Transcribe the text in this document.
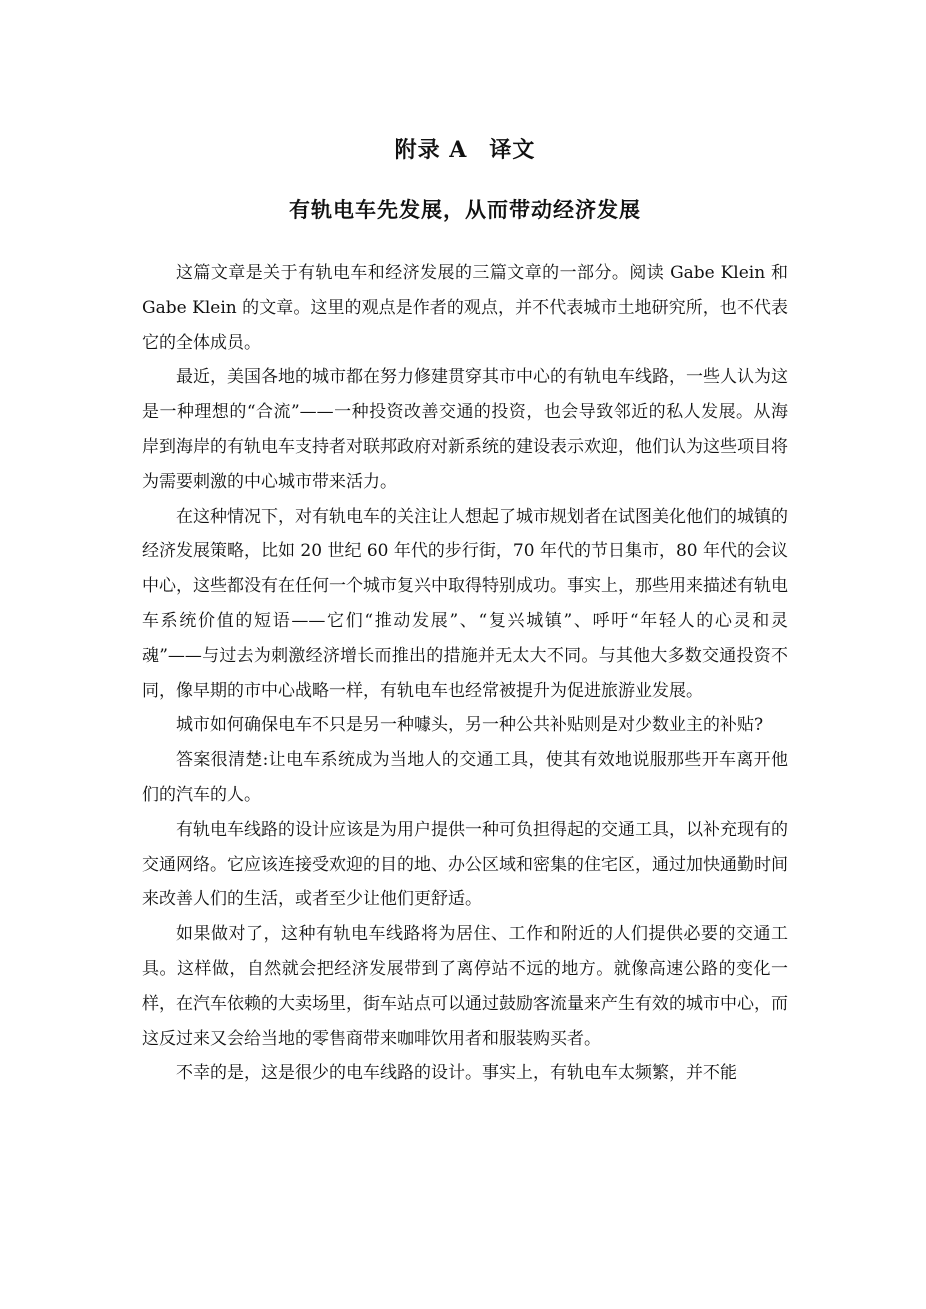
附录 A 译文
有轨电车先发展，从而带动经济发展

这篇文章是关于有轨电车和经济发展的三篇文章的一部分。阅读 Gabe Klein 和 Gabe Klein 的文章。这里的观点是作者的观点，并不代表城市土地研究所，也不代表它的全体成员。

最近，美国各地的城市都在努力修建贯穿其市中心的有轨电车线路，一些人认为这是一种理想的“合流”——一种投资改善交通的投资，也会导致邻近的私人发展。从海岸到海岸的有轨电车支持者对联邦政府对新系统的建设表示欢迎，他们认为这些项目将为需要刺激的中心城市带来活力。

在这种情况下，对有轨电车的关注让人想起了城市规划者在试图美化他们的城镇的经济发展策略，比如 20 世纪 60 年代的步行街，70 年代的节日集市，80 年代的会议中心，这些都没有在任何一个城市复兴中取得特别成功。事实上，那些用来描述有轨电车系统价值的短语——它们“推动发展”、“复兴城镇”、呼吁“年轻人的心灵和灵魂”——与过去为刺激经济增长而推出的措施并无太大不同。与其他大多数交通投资不同，像早期的市中心战略一样，有轨电车也经常被提升为促进旅游业发展。

城市如何确保电车不只是另一种噱头，另一种公共补贴则是对少数业主的补贴?

答案很清楚:让电车系统成为当地人的交通工具，使其有效地说服那些开车离开他们的汽车的人。

有轨电车线路的设计应该是为用户提供一种可负担得起的交通工具，以补充现有的交通网络。它应该连接受欢迎的目的地、办公区域和密集的住宅区，通过加快通勤时间来改善人们的生活，或者至少让他们更舒适。

如果做对了，这种有轨电车线路将为居住、工作和附近的人们提供必要的交通工具。这样做，自然就会把经济发展带到了离停站不远的地方。就像高速公路的变化一样，在汽车依赖的大卖场里，街车站点可以通过鼓励客流量来产生有效的城市中心，而这反过来又会给当地的零售商带来咖啡饮用者和服装购买者。

不幸的是，这是很少的电车线路的设计。事实上，有轨电车太频繁，并不能
